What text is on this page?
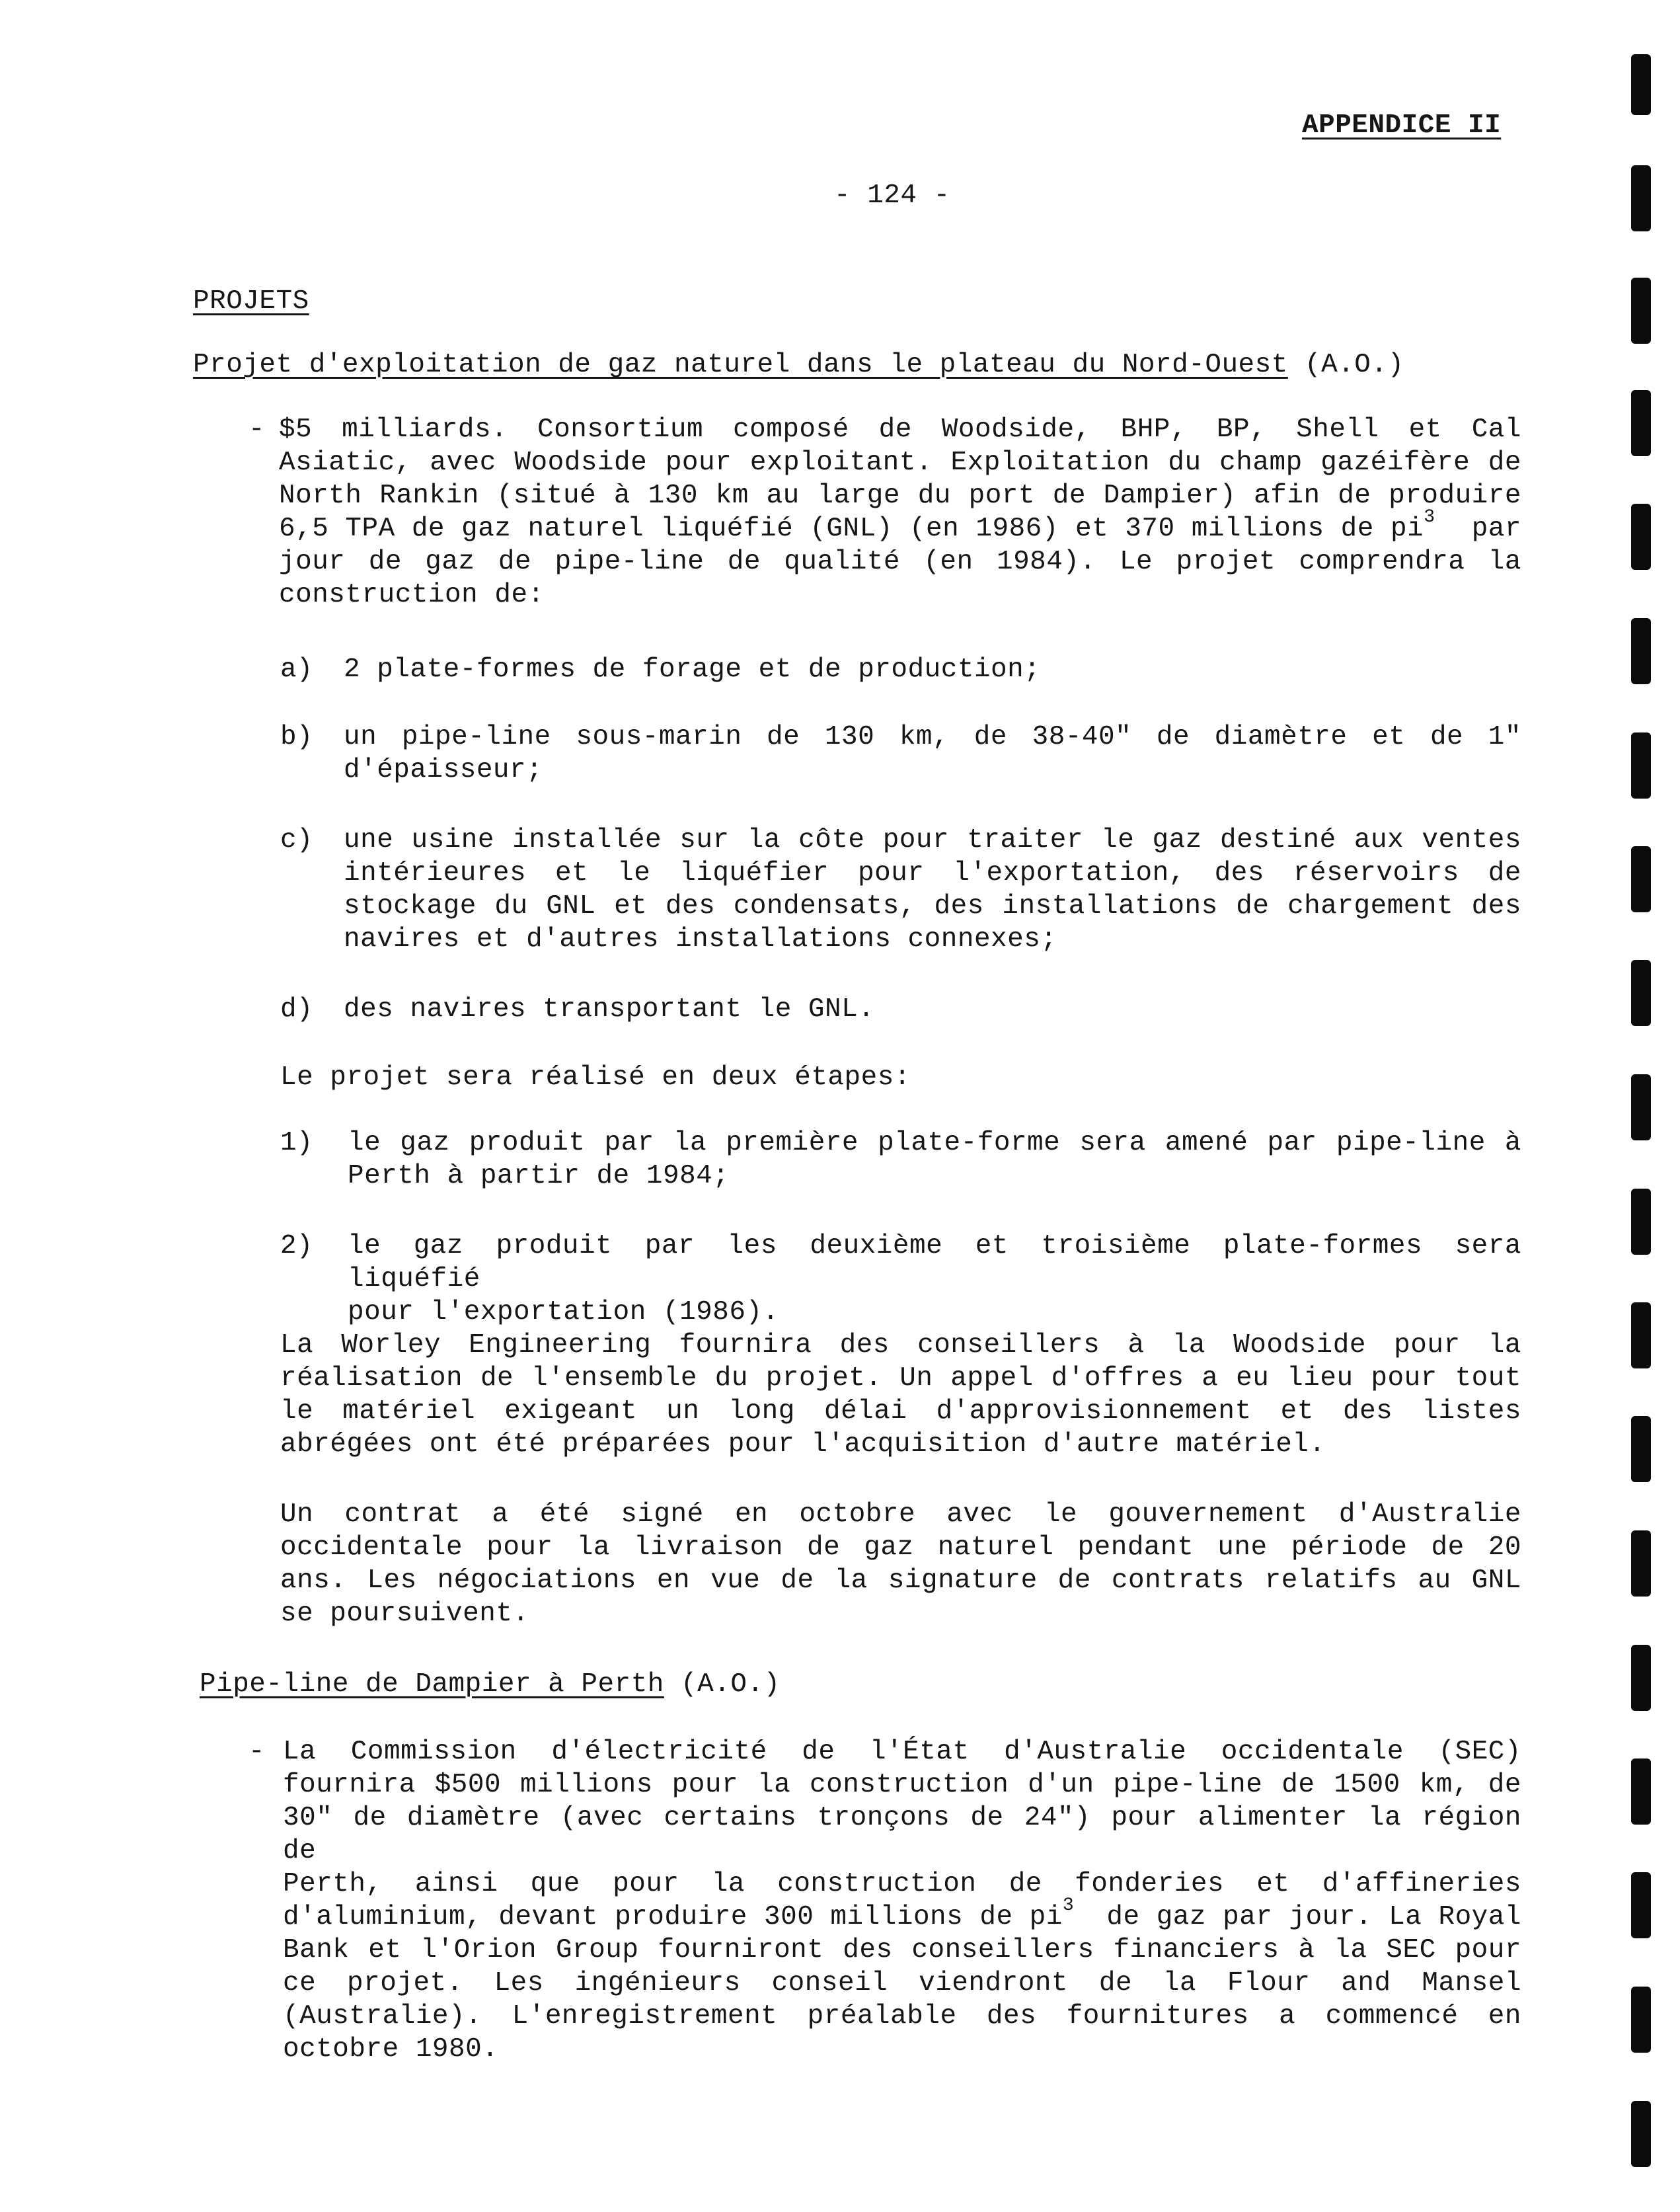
APPENDICE II
- 124 -
PROJETS
Projet d'exploitation de gaz naturel dans le plateau du Nord-Ouest (A.O.)
- $5 milliards. Consortium composé de Woodside, BHP, BP, Shell et Cal
Asiatic, avec Woodside pour exploitant. Exploitation du champ gazéifère de
North Rankin (situé à 130 km au large du port de Dampier) afin de produire
6,5 TPA de gaz naturel liquéfié (GNL) (en 1986) et 370 millions de $pi^3$ par
jour de gaz de pipe-line de qualité (en 1984). Le projet comprendra la
construction de:
a) 2 plate-formes de forage et de production;
b) un pipe-line sous-marin de 130 km, de 38-40" de diamètre et de 1"
d'épaisseur;
c) une usine installée sur la côte pour traiter le gaz destiné aux ventes
intérieures et le liquéfier pour l'exportation, des réservoirs de
stockage du GNL et des condensats, des installations de chargement des
navires et d'autres installations connexes;
d) des navires transportant le GNL.
Le projet sera réalisé en deux étapes:
1) le gaz produit par la première plate-forme sera amené par pipe-line à
Perth à partir de 1984;
2) le gaz produit par les deuxième et troisième plate-formes sera liquéfié
pour l'exportation (1986).
La Worley Engineering fournira des conseillers à la Woodside pour la
réalisation de l'ensemble du projet. Un appel d'offres a eu lieu pour tout
le matériel exigeant un long délai d'approvisionnement et des listes
abrégées ont été préparées pour l'acquisition d'autre matériel.
Un contrat a été signé en octobre avec le gouvernement d'Australie
occidentale pour la livraison de gaz naturel pendant une période de 20
ans. Les négociations en vue de la signature de contrats relatifs au GNL
se poursuivent.
Pipe-line de Dampier à Perth (A.O.)
- La Commission d'électricité de l'État d'Australie occidentale (SEC)
fournira $500 millions pour la construction d'un pipe-line de 1500 km, de
30" de diamètre (avec certains tronçons de 24") pour alimenter la région de
Perth, ainsi que pour la construction de fonderies et d'affineries
d'aluminium, devant produire 300 millions de $pi^3$ de gaz par jour. La Royal
Bank et l'Orion Group fourniront des conseillers financiers à la SEC pour
ce projet. Les ingénieurs conseil viendront de la Flour and Mansel
(Australie). L'enregistrement préalable des fournitures a commencé en
octobre 1980.
